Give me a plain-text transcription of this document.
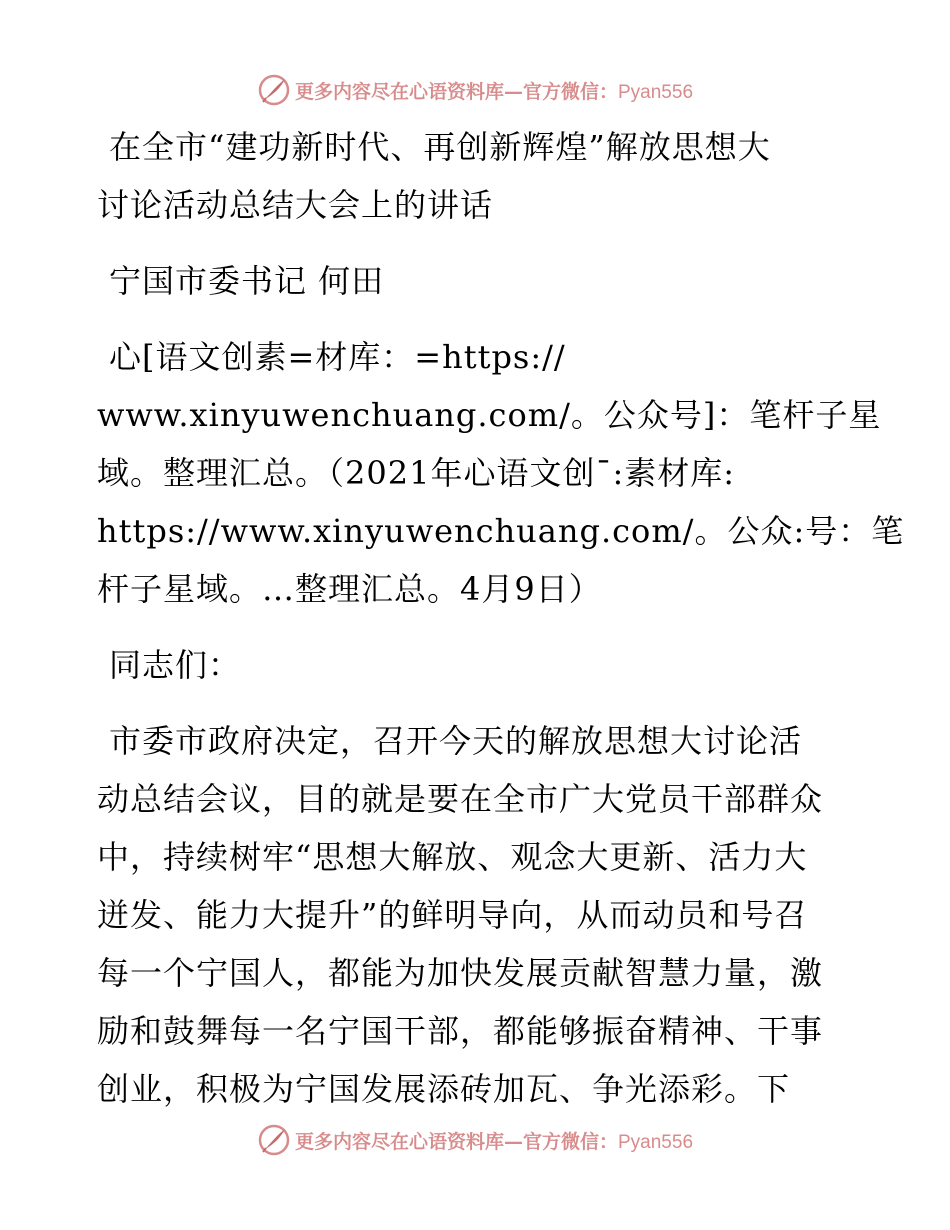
更多内容尽在心语资料库—官方微信：Pyan556
在全市“建功新时代、再创新辉煌”解放思想大
讨论活动总结大会上的讲话
宁国市委书记 何田
心[语文创素=材库：=https://
www.xinyuwenchuang.com/。公众号]：笔杆子星
域。整理汇总。（2021年心语文创¯:素材库:
https://www.xinyuwenchuang.com/。公众:号：笔
杆子星域。…整理汇总。4月9日）
同志们：
市委市政府决定，召开今天的解放思想大讨论活
动总结会议，目的就是要在全市广大党员干部群众
中，持续树牢“思想大解放、观念大更新、活力大
迸发、能力大提升”的鲜明导向，从而动员和号召
每一个宁国人，都能为加快发展贡献智慧力量，激
励和鼓舞每一名宁国干部，都能够振奋精神、干事
创业，积极为宁国发展添砖加瓦、争光添彩。下
更多内容尽在心语资料库—官方微信：Pyan556
